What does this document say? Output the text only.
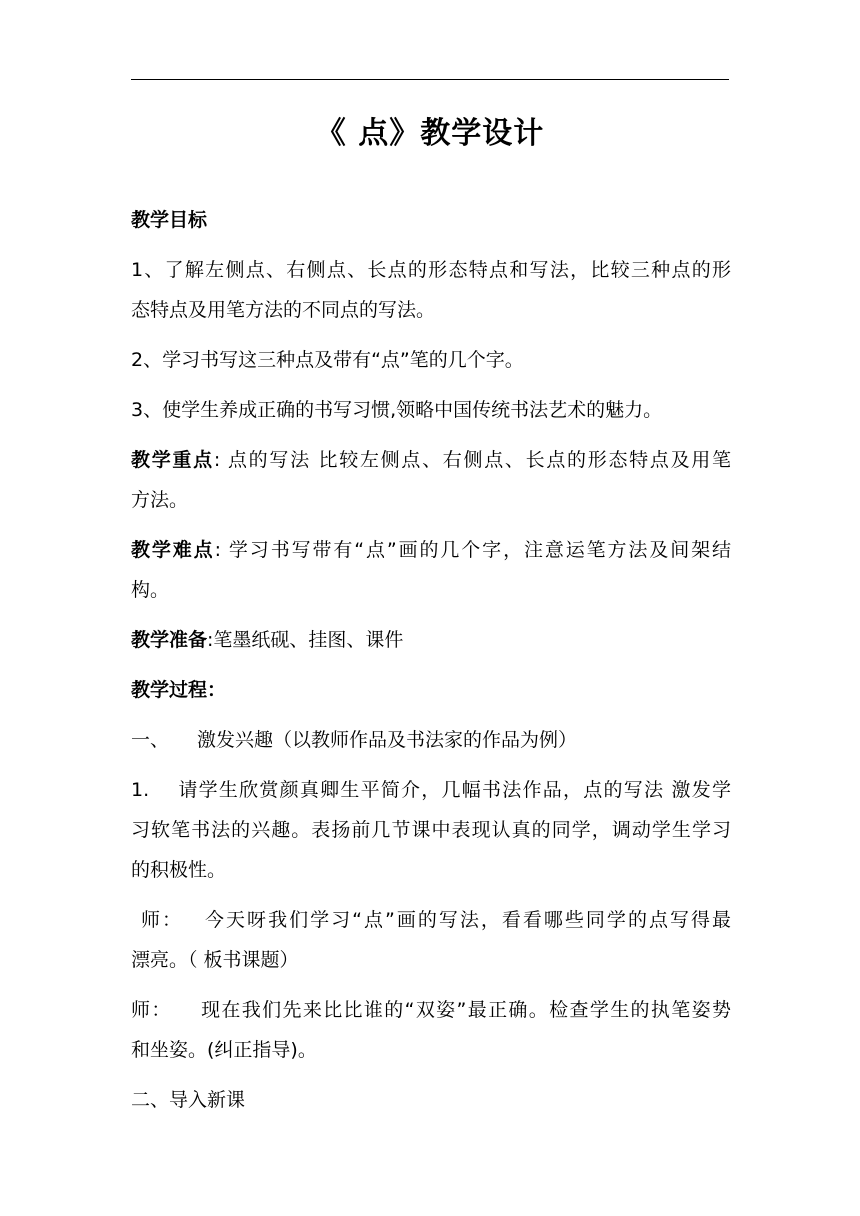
《 点》教学设计
教学目标
1、了解左侧点、右侧点、长点的形态特点和写法，比较三种点的形
态特点及用笔方法的不同点的写法。
2、学习书写这三种点及带有“点”笔的几个字。
3、使学生养成正确的书写习惯,领略中国传统书法艺术的魅力。
教学重点: 点的写法 比较左侧点、右侧点、长点的形态特点及用笔
方法。
教学难点: 学习书写带有“点”画的几个字，注意运笔方法及间架结
构。
教学准备:笔墨纸砚、挂图、课件
教学过程：
一、 激发兴趣（以教师作品及书法家的作品为例）
1. 请学生欣赏颜真卿生平简介，几幅书法作品，点的写法 激发学
习软笔书法的兴趣。表扬前几节课中表现认真的同学，调动学生学习
的积极性。
师： 今天呀我们学习“点”画的写法，看看哪些同学的点写得最
漂亮。（ 板书课题）
师： 现在我们先来比比谁的“双姿”最正确。检查学生的执笔姿势
和坐姿。(纠正指导)。
二、导入新课
